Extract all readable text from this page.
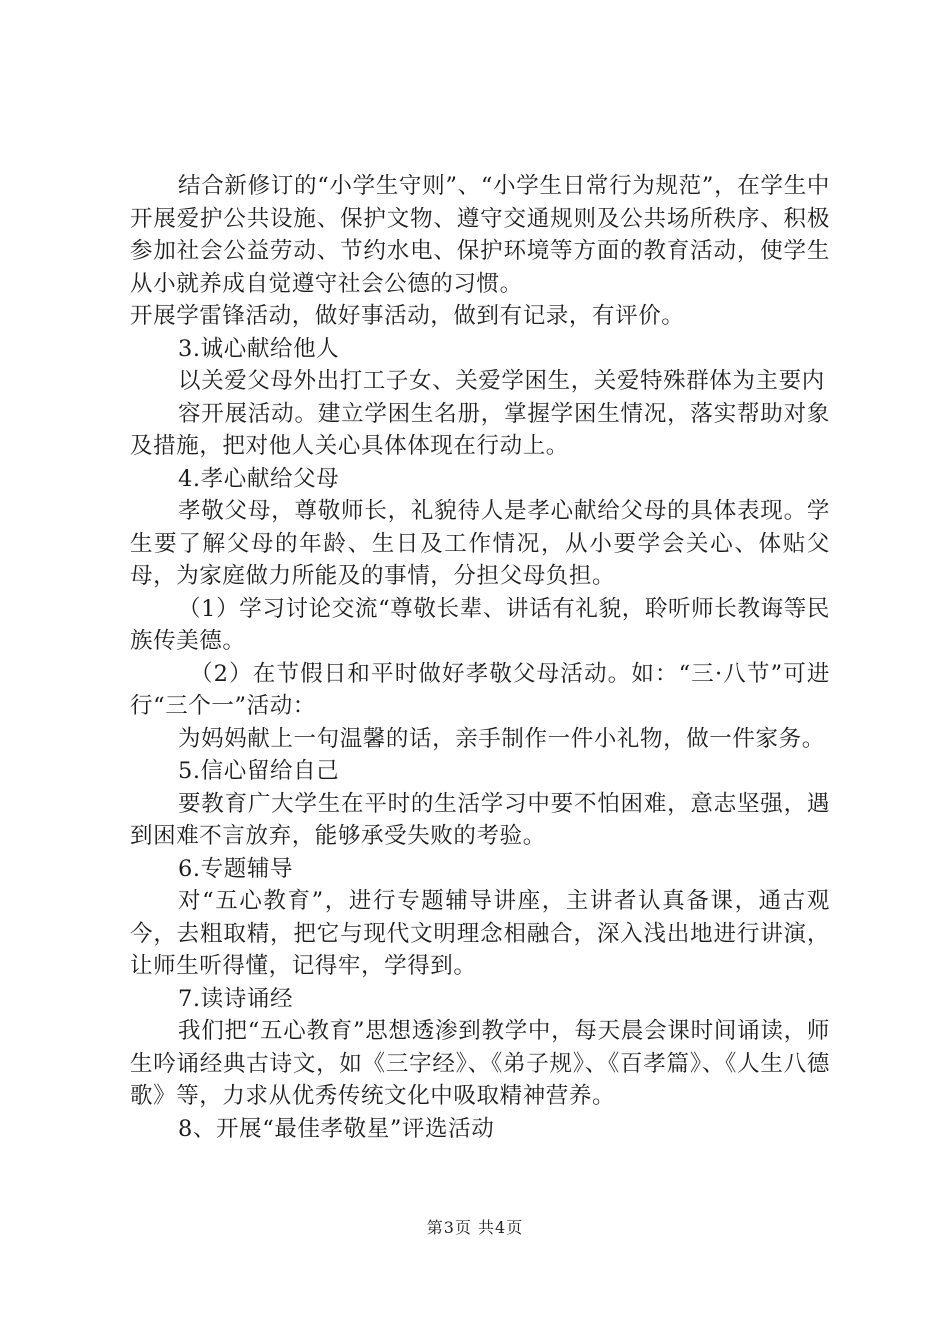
结合新修订的“小学生守则”、“小学生日常行为规范”，在学生中开展爱护公共设施、保护文物、遵守交通规则及公共场所秩序、积极参加社会公益劳动、节约水电、保护环境等方面的教育活动，使学生从小就养成自觉遵守社会公德的习惯。

开展学雷锋活动，做好事活动，做到有记录，有评价。

3.诚心献给他人

以关爱父母外出打工子女、关爱学困生，关爱特殊群体为主要内

容开展活动。建立学困生名册，掌握学困生情况，落实帮助对象及措施，把对他人关心具体体现在行动上。

4.孝心献给父母

孝敬父母，尊敬师长，礼貌待人是孝心献给父母的具体表现。学生要了解父母的年龄、生日及工作情况，从小要学会关心、体贴父母，为家庭做力所能及的事情，分担父母负担。

（1）学习讨论交流“尊敬长辈、讲话有礼貌，聆听师长教诲等民族传美德。

（2）在节假日和平时做好孝敬父母活动。如：“三·八节”可进行“三个一”活动：

为妈妈献上一句温馨的话，亲手制作一件小礼物，做一件家务。

5.信心留给自己

要教育广大学生在平时的生活学习中要不怕困难，意志坚强，遇到困难不言放弃，能够承受失败的考验。

6.专题辅导

对“五心教育”，进行专题辅导讲座，主讲者认真备课，通古观今，去粗取精，把它与现代文明理念相融合，深入浅出地进行讲演，让师生听得懂，记得牢，学得到。

7.读诗诵经

我们把“五心教育”思想透渗到教学中，每天晨会课时间诵读，师生吟诵经典古诗文，如《三字经》、《弟子规》、《百孝篇》、《人生八德歌》等，力求从优秀传统文化中吸取精神营养。

8、开展“最佳孝敬星”评选活动

第3页 共4页
